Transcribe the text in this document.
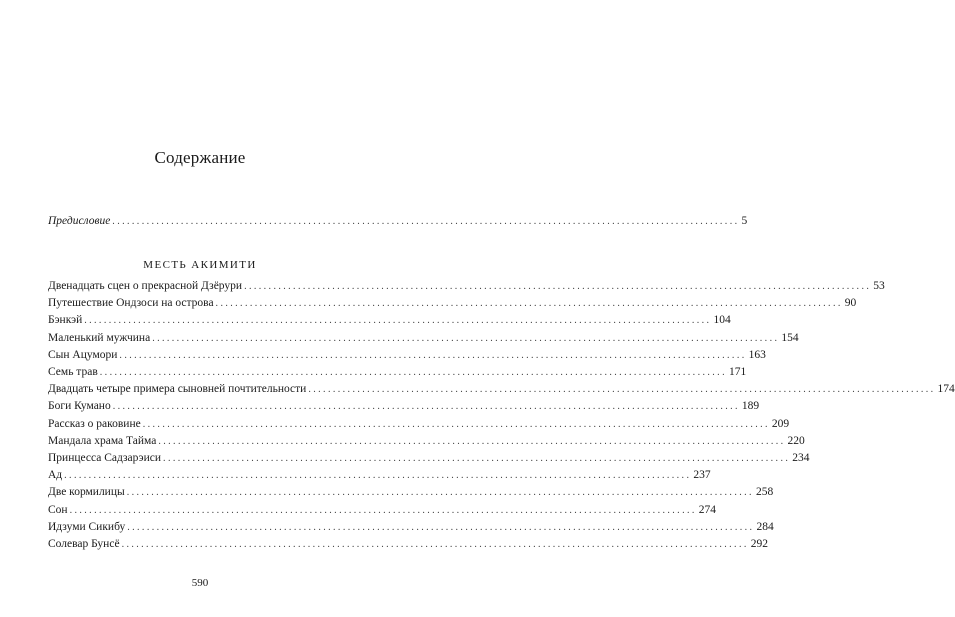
Содержание
Предисловие ................................................................................................................................ 5
МЕСТЬ АКИМИТИ
Двенадцать сцен о прекрасной Дзёрури ................................................................................................................................ 53
Путешествие Ондзоси на острова ................................................................................................................................ 90
Бэнкэй ................................................................................................................................ 104
Маленький мужчина ................................................................................................................................ 154
Сын Ацумори ................................................................................................................................ 163
Семь трав ................................................................................................................................ 171
Двадцать четыре примера сыновней почтительности ................................................................................................................................ 174
Боги Кумано ................................................................................................................................ 189
Рассказ о раковине ................................................................................................................................ 209
Мандала храма Тайма ................................................................................................................................ 220
Принцесса Садзарэиси ................................................................................................................................ 234
Ад ................................................................................................................................ 237
Две кормилицы ................................................................................................................................ 258
Сон ................................................................................................................................ 274
Идзуми Сикибу ................................................................................................................................ 284
Солевар Бунсё ................................................................................................................................ 292
590
